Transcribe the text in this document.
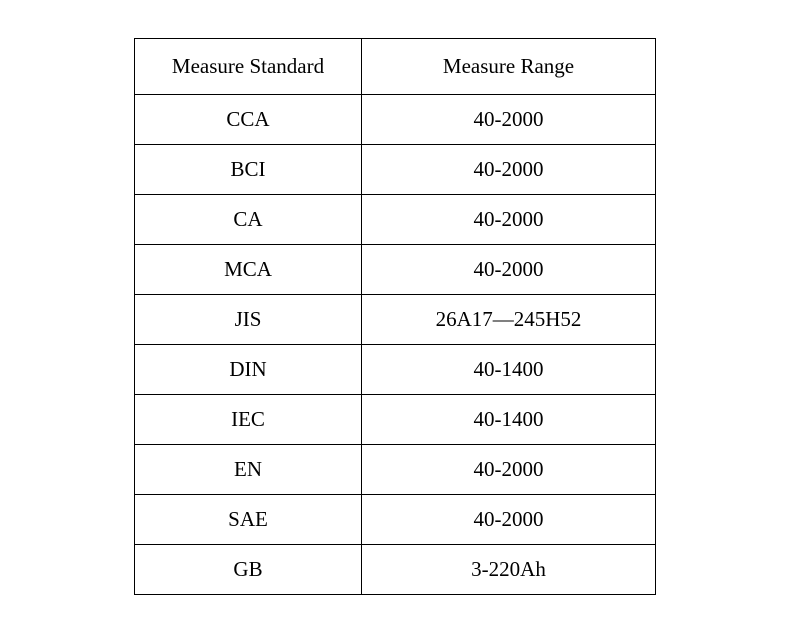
Measure Standard	Measure Range
CCA	40-2000
BCI	40-2000
CA	40-2000
MCA	40-2000
JIS	26A17—245H52
DIN	40-1400
IEC	40-1400
EN	40-2000
SAE	40-2000
GB	3-220Ah
